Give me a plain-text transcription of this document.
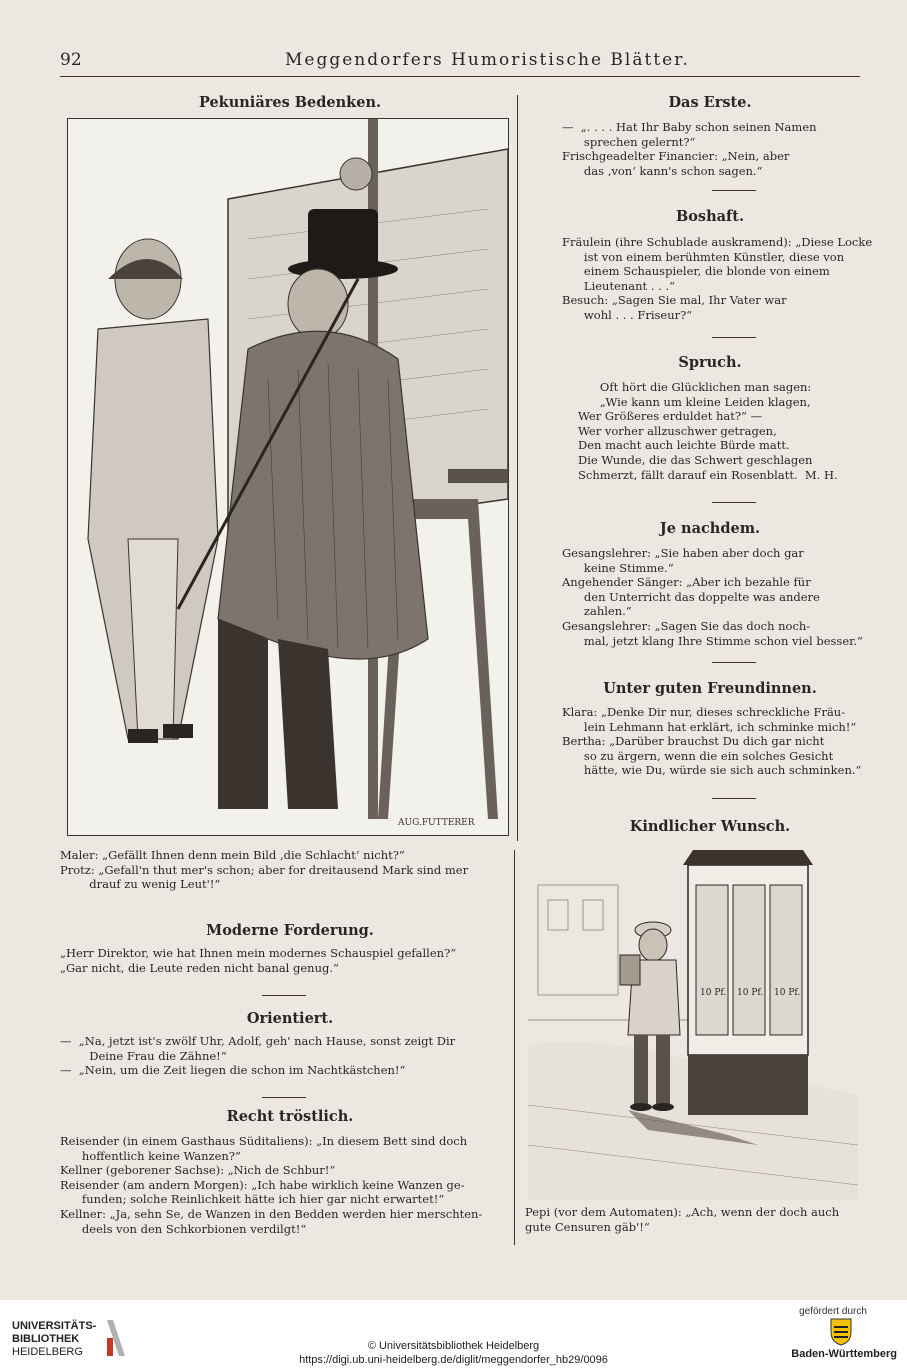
92	Meggendorfers Humoristische Blätter.
Pekuniäres Bedenken.
AUG.FUTTERER
Maler: „Gefällt Ihnen denn mein Bild ‚die Schlacht‘ nicht?“
Protz: „Gefall'n thut mer's schon; aber for dreitausend Mark sind mer
drauf zu wenig Leut'!“
Moderne Forderung.
„Herr Direktor, wie hat Ihnen mein modernes Schauspiel gefallen?“
„Gar nicht, die Leute reden nicht banal genug.“
Orientiert.
—  „Na, jetzt ist's zwölf Uhr, Adolf, geh' nach Hause, sonst zeigt Dir
Deine Frau die Zähne!“
—  „Nein, um die Zeit liegen die schon im Nachtkästchen!“
Recht tröstlich.
Reisender (in einem Gasthaus Süditaliens): „In diesem Bett sind doch
hoffentlich keine Wanzen?“
Kellner (geborener Sachse): „Nich de Schbur!“
Reisender (am andern Morgen): „Ich habe wirklich keine Wanzen ge-
funden; solche Reinlichkeit hätte ich hier gar nicht erwartet!“
Kellner: „Ja, sehn Se, de Wanzen in den Bedden werden hier merschten-
deels von den Schkorbionen verdilgt!“
Das Erste.
—  „. . . . Hat Ihr Baby schon seinen Namen
sprechen gelernt?“
Frischgeadelter Financier: „Nein, aber
das ‚von‘ kann's schon sagen.“
Boshaft.
Fräulein (ihre Schublade auskramend): „Diese Locke
ist von einem berühmten Künstler, diese von
einem Schauspieler, die blonde von einem
Lieutenant . . .“
Besuch: „Sagen Sie mal, Ihr Vater war
wohl . . . Friseur?“
Spruch.
Oft hört die Glücklichen man sagen:
„Wie kann um kleine Leiden klagen,
Wer Größeres erduldet hat?“ —
Wer vorher allzuschwer getragen,
Den macht auch leichte Bürde matt.
Die Wunde, die das Schwert geschlagen
Schmerzt, fällt darauf ein Rosenblatt.  M. H.
Je nachdem.
Gesangslehrer: „Sie haben aber doch gar
keine Stimme.“
Angehender Sänger: „Aber ich bezahle für
den Unterricht das doppelte was andere
zahlen.“
Gesangslehrer: „Sagen Sie das doch noch-
mal, jetzt klang Ihre Stimme schon viel besser.“
Unter guten Freundinnen.
Klara: „Denke Dir nur, dieses schreckliche Fräu-
lein Lehmann hat erklärt, ich schminke mich!“
Bertha: „Darüber brauchst Du dich gar nicht
so zu ärgern, wenn die ein solches Gesicht
hätte, wie Du, würde sie sich auch schminken.“
Kindlicher Wunsch.
10 Pf. 10 Pf. 10 Pf.
Pepi (vor dem Automaten): „Ach, wenn der doch auch
gute Censuren gäb'!“
UNIVERSITÄTS-
BIBLIOTHEK
HEIDELBERG	© Universitätsbibliothek Heidelberg
https://digi.ub.uni-heidelberg.de/diglit/meggendorfer_hb29/0096
gefördert durch
Baden-Württemberg
